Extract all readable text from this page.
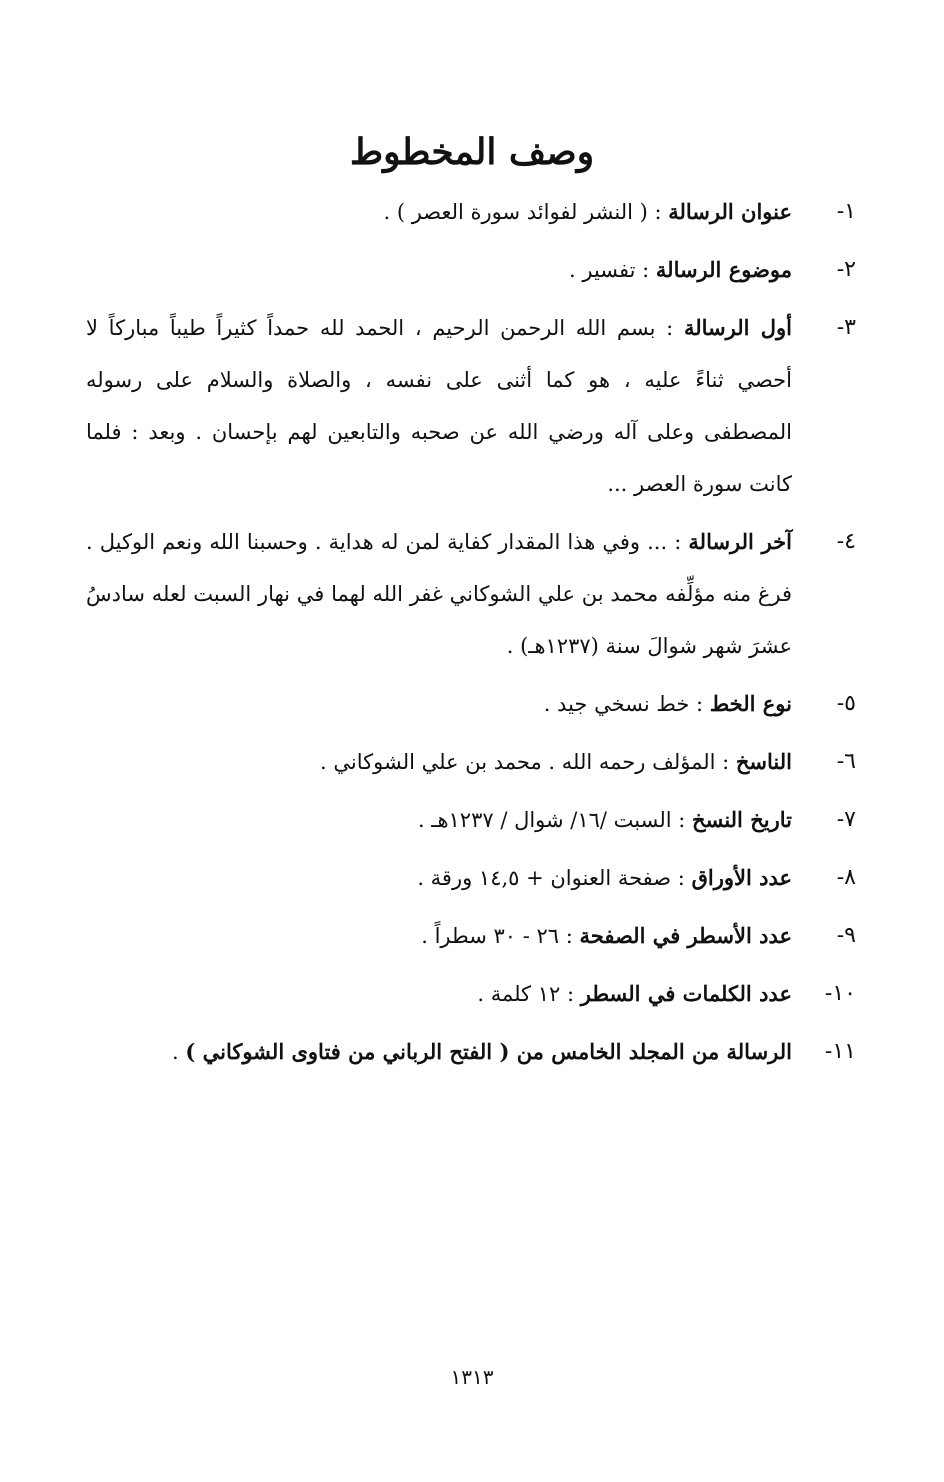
وصف المخطوط
١-
عنوان الرسالة : ( النشر لفوائد سورة العصر ) .
٢-
موضوع الرسالة : تفسير .
٣-
أول الرسالة : بسم الله الرحمن الرحيم ، الحمد لله حمداً كثيراً طيباً مباركاً لا أحصي ثناءً عليه ، هو كما أثنى على نفسه ، والصلاة والسلام على رسوله المصطفى وعلى آله ورضي الله عن صحبه والتابعين لهم بإحسان . وبعد : فلما كانت سورة العصر ...
٤-
آخر الرسالة : ... وفي هذا المقدار كفاية لمن له هداية . وحسبنا الله ونعم الوكيل . فرغ منه مؤلِّفه محمد بن علي الشوكاني غفر الله لهما في نهار السبت لعله سادسُ عشرَ شهر شوالَ سنة (١٢٣٧هـ) .
٥-
نوع الخط : خط نسخي جيد .
٦-
الناسخ : المؤلف رحمه الله . محمد بن علي الشوكاني .
٧-
تاريخ النسخ : السبت /١٦/ شوال / ١٢٣٧هـ .
٨-
عدد الأوراق : صفحة العنوان + ١٤,٥ ورقة .
٩-
عدد الأسطر في الصفحة : ٢٦ - ٣٠ سطراً .
١٠-
عدد الكلمات في السطر : ١٢ كلمة .
١١-
الرسالة من المجلد الخامس من ( الفتح الرباني من فتاوى الشوكاني ) .
١٣١٣
